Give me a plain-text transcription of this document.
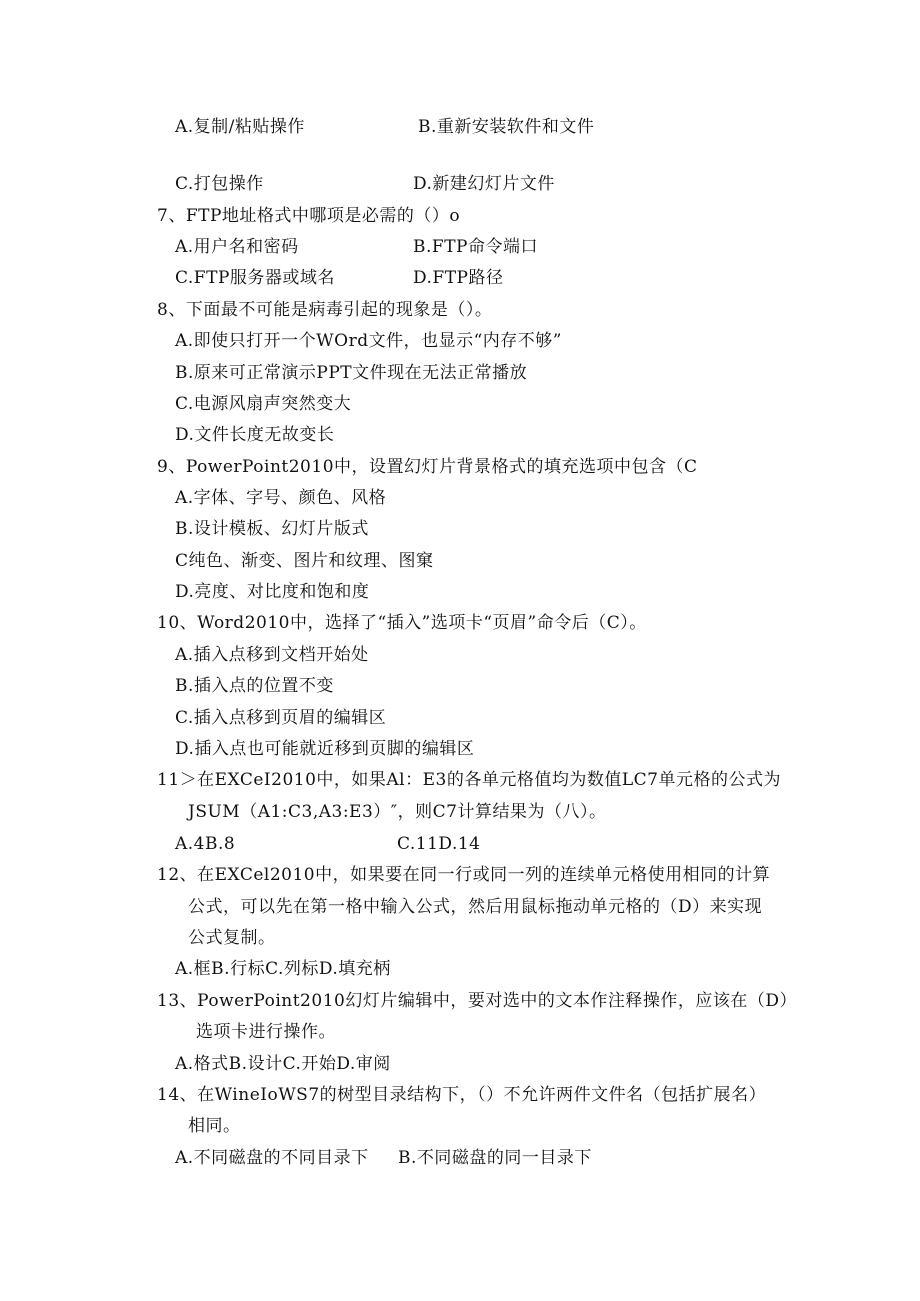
A.复制/粘贴操作	B.重新安装软件和文件
C.打包操作	D.新建幻灯片文件
7、FTP地址格式中哪项是必需的（）o
A.用户名和密码	B.FTP命令端口
C.FTP服务器或域名	D.FTP路径
8、下面最不可能是病毒引起的现象是（）。
A.即使只打开一个WOrd文件，也显示“内存不够”
B.原来可正常演示PPT文件现在无法正常播放
C.电源风扇声突然变大
D.文件长度无故变长
9、PowerPoint2010中，设置幻灯片背景格式的填充选项中包含（C
A.字体、字号、颜色、风格
B.设计模板、幻灯片版式
C纯色、渐变、图片和纹理、图窠
D.亮度、对比度和饱和度
10、Word2010中，选择了“插入”选项卡“页眉”命令后（C）。
A.插入点移到文档开始处
B.插入点的位置不变
C.插入点移到页眉的编辑区
D.插入点也可能就近移到页脚的编辑区
11＞在EXCeI2010中，如果Al：E3的各单元格值均为数值LC7单元格的公式为
JSUM（A1:C3,A3:E3）″，则C7计算结果为（八）。
A.4B.8	C.11D.14
12、在EXCel2010中，如果要在同一行或同一列的连续单元格使用相同的计算
公式，可以先在第一格中输入公式，然后用鼠标拖动单元格的（D）来实现
公式复制。
A.框B.行标C.列标D.填充柄
13、PowerPoint2010幻灯片编辑中，要对选中的文本作注释操作，应该在（D）
选项卡进行操作。
A.格式B.设计C.开始D.审阅
14、在WineIoWS7的树型目录结构下，（）不允许两件文件名（包括扩展名）
相同。
A.不同磁盘的不同目录下 B.不同磁盘的同一目录下
